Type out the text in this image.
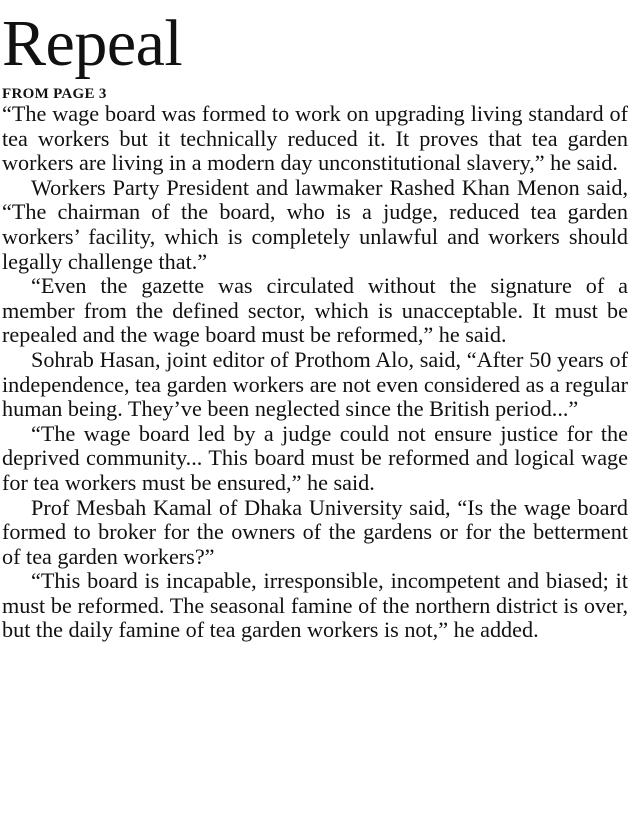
Repeal
FROM PAGE 3

“The wage board was formed to work on upgrading living standard of tea workers but it technically reduced it. It proves that tea garden workers are living in a modern day unconstitutional slavery,” he said.

Workers Party President and lawmaker Rashed Khan Menon said, “The chairman of the board, who is a judge, reduced tea garden workers’ facility, which is completely unlawful and workers should legally challenge that.”

“Even the gazette was circulated without the signature of a member from the defined sector, which is unacceptable. It must be repealed and the wage board must be reformed,” he said.

Sohrab Hasan, joint editor of Prothom Alo, said, “After 50 years of independence, tea garden workers are not even considered as a regular human being. They’ve been neglected since the British period...”

“The wage board led by a judge could not ensure justice for the deprived community... This board must be reformed and logical wage for tea workers must be ensured,” he said.

Prof Mesbah Kamal of Dhaka University said, “Is the wage board formed to broker for the owners of the gardens or for the betterment of tea garden workers?”

“This board is incapable, irresponsible, incompetent and biased; it must be reformed. The seasonal famine of the northern district is over, but the daily famine of tea garden workers is not,” he added.
